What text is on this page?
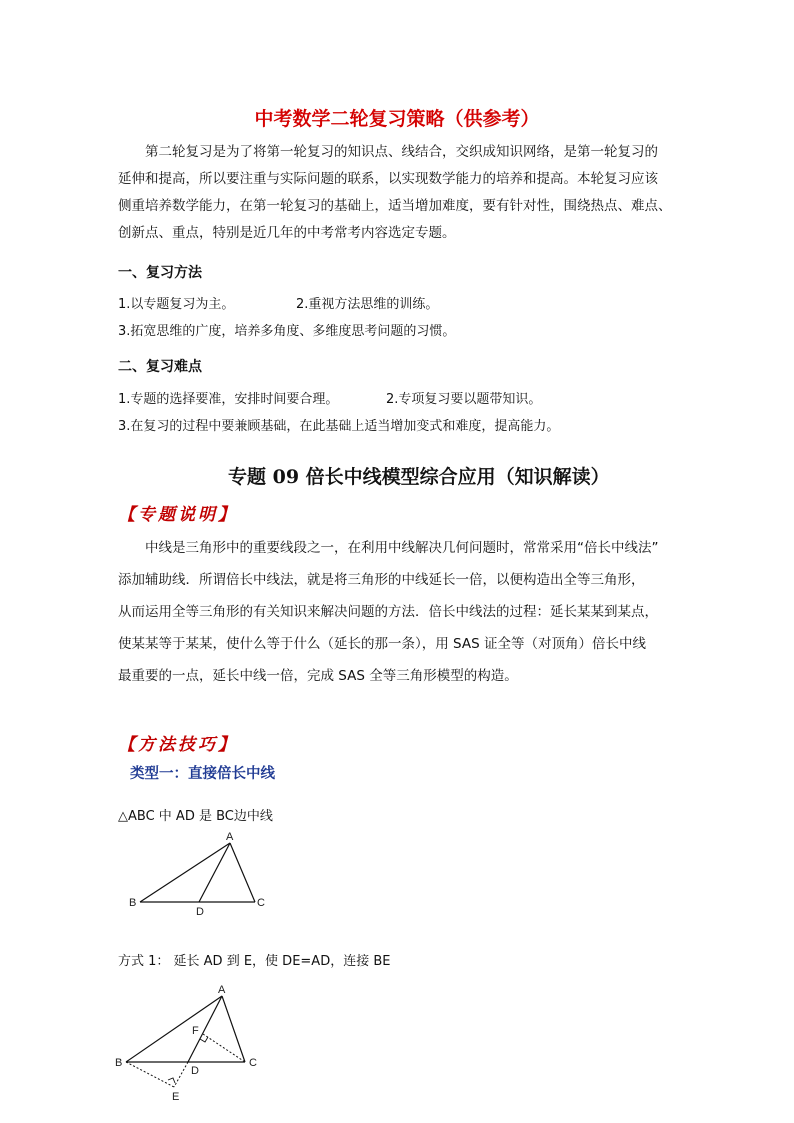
中考数学二轮复习策略（供参考）
　　第二轮复习是为了将第一轮复习的知识点、线结合，交织成知识网络，是第一轮复习的
延伸和提高，所以要注重与实际问题的联系，以实现数学能力的培养和提高。本轮复习应该
侧重培养数学能力，在第一轮复习的基础上，适当增加难度，要有针对性，围绕热点、难点、
创新点、重点，特别是近几年的中考常考内容选定专题。
一、复习方法
1.以专题复习为主。	2.重视方法思维的训练。
3.拓宽思维的广度，培养多角度、多维度思考问题的习惯。
二、复习难点
1.专题的选择要准，安排时间要合理。	2.专项复习要以题带知识。
3.在复习的过程中要兼顾基础，在此基础上适当增加变式和难度，提高能力。
专题 09 倍长中线模型综合应用（知识解读）
【专题说明】
　　中线是三角形中的重要线段之一，在利用中线解决几何问题时，常常采用“倍长中线法”
添加辅助线．所谓倍长中线法，就是将三角形的中线延长一倍，以便构造出全等三角形，
从而运用全等三角形的有关知识来解决问题的方法．倍长中线法的过程：延长某某到某点，
使某某等于某某，使什么等于什么（延长的那一条），用 SAS 证全等（对顶角）倍长中线
最重要的一点，延长中线一倍，完成 SAS 全等三角形模型的构造。
【方法技巧】
类型一：直接倍长中线
△ABC 中 AD 是 BC边中线
A
B	C
D
方式 1： 延长 AD 到 E，使 DE=AD，连接 BE
A
B	C
D
E
F
